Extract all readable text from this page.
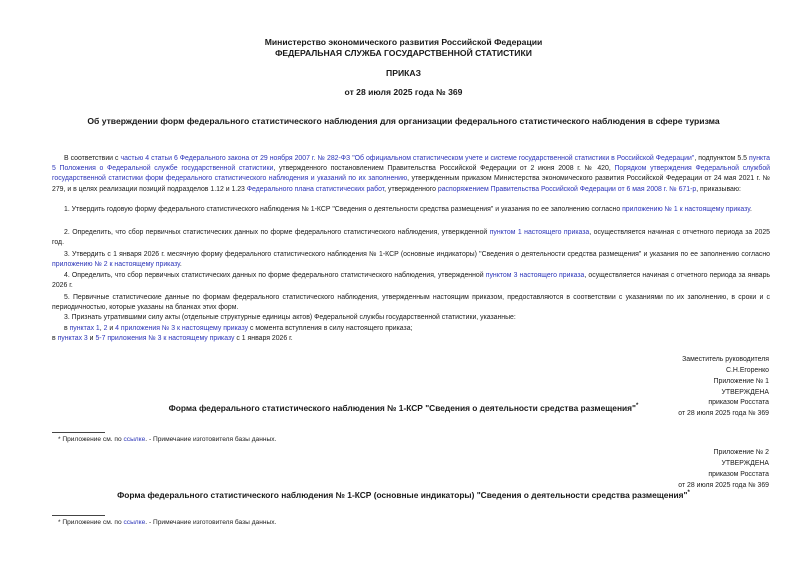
Министерство экономического развития Российской Федерации
ФЕДЕРАЛЬНАЯ СЛУЖБА ГОСУДАРСТВЕННОЙ СТАТИСТИКИ
ПРИКАЗ
от 28 июля 2025 года № 369
Об утверждении форм федерального статистического наблюдения для организации федерального статистического наблюдения в сфере туризма
В соответствии с частью 4 статьи 6 Федерального закона от 29 ноября 2007 г. № 282-ФЗ "Об официальном статистическом учете и системе государственной статистики в Российской Федерации", подпунктом 5.5 пункта 5 Положения о Федеральной службе государственной статистики, утвержденного постановлением Правительства Российской Федерации от 2 июня 2008 г. № 420, Порядком утверждения Федеральной службой государственной статистики форм федерального статистического наблюдения и указаний по их заполнению, утвержденным приказом Министерства экономического развития Российской Федерации от 24 мая 2021 г. № 279, и в целях реализации позиций подразделов 1.12 и 1.23 Федерального плана статистических работ, утвержденного распоряжением Правительства Российской Федерации от 6 мая 2008 г. № 671-р, приказываю:
1. Утвердить годовую форму федерального статистического наблюдения № 1-КСР "Сведения о деятельности средства размещения" и указания по ее заполнению согласно приложению № 1 к настоящему приказу.
2. Определить, что сбор первичных статистических данных по форме федерального статистического наблюдения, утвержденной пунктом 1 настоящего приказа, осуществляется начиная с отчетного периода за 2025 год.
3. Утвердить с 1 января 2026 г. месячную форму федерального статистического наблюдения № 1-КСР (основные индикаторы) "Сведения о деятельности средства размещения" и указания по ее заполнению согласно приложению № 2 к настоящему приказу.
4. Определить, что сбор первичных статистических данных по форме федерального статистического наблюдения, утвержденной пунктом 3 настоящего приказа, осуществляется начиная с отчетного периода за январь 2026 г.
5. Первичные статистические данные по формам федерального статистического наблюдения, утвержденным настоящим приказом, предоставляются в соответствии с указаниями по их заполнению, в сроки и с периодичностью, которые указаны на бланках этих форм.
3. Признать утратившими силу акты (отдельные структурные единицы актов) Федеральной службы государственной статистики, указанные:
в пунктах 1, 2 и 4 приложения № 3 к настоящему приказу с момента вступления в силу настоящего приказа;
в пунктах 3 и 5-7 приложения № 3 к настоящему приказу с 1 января 2026 г.
Заместитель руководителя
С.Н.Егоренко
Приложение № 1
УТВЕРЖДЕНА
приказом Росстата
от 28 июля 2025 года № 369
Форма федерального статистического наблюдения № 1-КСР "Сведения о деятельности средства размещения"*
* Приложение см. по ссылке. - Примечание изготовителя базы данных.
Приложение № 2
УТВЕРЖДЕНА
приказом Росстата
от 28 июля 2025 года № 369
Форма федерального статистического наблюдения № 1-КСР (основные индикаторы) "Сведения о деятельности средства размещения"*
* Приложение см. по ссылке. - Примечание изготовителя базы данных.
